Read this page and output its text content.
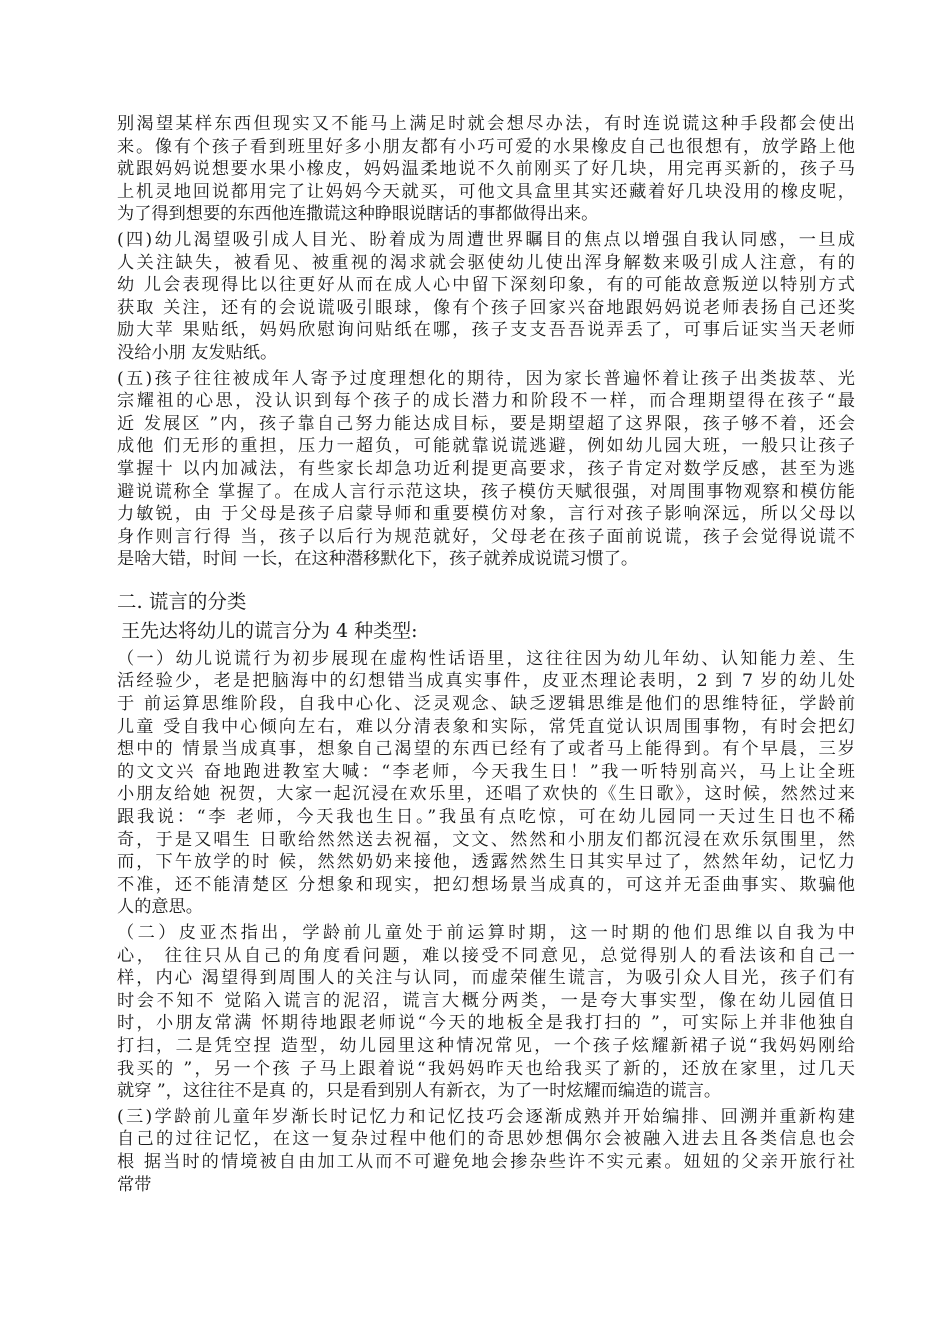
别渴望某样东西但现实又不能马上满足时就会想尽办法，有时连说谎这种手段都会使出
来。像有个孩子看到班里好多小朋友都有小巧可爱的水果橡皮自己也很想有，放学路上他
就跟妈妈说想要水果小橡皮，妈妈温柔地说不久前刚买了好几块，用完再买新的，孩子马
上机灵地回说都用完了让妈妈今天就买，可他文具盒里其实还藏着好几块没用的橡皮呢，
为了得到想要的东西他连撒谎这种睁眼说瞎话的事都做得出来。
(四)幼儿渴望吸引成人目光、盼着成为周遭世界瞩目的焦点以增强自我认同感，一旦成
人关注缺失，被看见、被重视的渴求就会驱使幼儿使出浑身解数来吸引成人注意，有的
幼 儿会表现得比以往更好从而在成人心中留下深刻印象，有的可能故意叛逆以特别方式
获取 关注，还有的会说谎吸引眼球，像有个孩子回家兴奋地跟妈妈说老师表扬自己还奖
励大苹 果贴纸，妈妈欣慰询问贴纸在哪，孩子支支吾吾说弄丢了，可事后证实当天老师
没给小朋 友发贴纸。
(五)孩子往往被成年人寄予过度理想化的期待，因为家长普遍怀着让孩子出类拔萃、光
宗耀祖的心思，没认识到每个孩子的成长潜力和阶段不一样，而合理期望得在孩子“最
近 发展区 ”内，孩子靠自己努力能达成目标，要是期望超了这界限，孩子够不着，还会
成他 们无形的重担，压力一超负，可能就靠说谎逃避，例如幼儿园大班，一般只让孩子
掌握十 以内加减法，有些家长却急功近利提更高要求，孩子肯定对数学反感，甚至为逃
避说谎称全 掌握了。在成人言行示范这块，孩子模仿天赋很强，对周围事物观察和模仿能
力敏锐，由 于父母是孩子启蒙导师和重要模仿对象，言行对孩子影响深远，所以父母以
身作则言行得 当，孩子以后行为规范就好，父母老在孩子面前说谎，孩子会觉得说谎不
是啥大错，时间 一长，在这种潜移默化下，孩子就养成说谎习惯了。
二. 谎言的分类
王先达将幼儿的谎言分为 4 种类型:
（一）幼儿说谎行为初步展现在虚构性话语里，这往往因为幼儿年幼、认知能力差、生
活经验少，老是把脑海中的幻想错当成真实事件，皮亚杰理论表明，2 到 7 岁的幼儿处
于 前运算思维阶段，自我中心化、泛灵观念、缺乏逻辑思维是他们的思维特征，学龄前
儿童 受自我中心倾向左右，难以分清表象和实际，常凭直觉认识周围事物，有时会把幻
想中的 情景当成真事，想象自己渴望的东西已经有了或者马上能得到。有个早晨，三岁
的文文兴 奋地跑进教室大喊：“李老师，今天我生日！”我一听特别高兴，马上让全班
小朋友给她 祝贺，大家一起沉浸在欢乐里，还唱了欢快的《生日歌》，这时候，然然过来
跟我说：“李 老师，今天我也生日。”我虽有点吃惊，可在幼儿园同一天过生日也不稀
奇，于是又唱生 日歌给然然送去祝福，文文、然然和小朋友们都沉浸在欢乐氛围里，然
而，下午放学的时 候，然然奶奶来接他，透露然然生日其实早过了，然然年幼，记忆力
不准，还不能清楚区 分想象和现实，把幻想场景当成真的，可这并无歪曲事实、欺骗他
人的意思。
（二）皮亚杰指出，学龄前儿童处于前运算时期，这一时期的他们思维以自我为中
心， 往往只从自己的角度看问题，难以接受不同意见，总觉得别人的看法该和自己一
样，内心 渴望得到周围人的关注与认同，而虚荣催生谎言，为吸引众人目光，孩子们有
时会不知不 觉陷入谎言的泥沼，谎言大概分两类，一是夸大事实型，像在幼儿园值日
时，小朋友常满 怀期待地跟老师说“今天的地板全是我打扫的 ”，可实际上并非他独自
打扫，二是凭空捏 造型，幼儿园里这种情况常见，一个孩子炫耀新裙子说“我妈妈刚给
我买的 ”，另一个孩 子马上跟着说“我妈妈昨天也给我买了新的，还放在家里，过几天
就穿 ”，这往往不是真 的，只是看到别人有新衣，为了一时炫耀而编造的谎言。
(三)学龄前儿童年岁渐长时记忆力和记忆技巧会逐渐成熟并开始编排、回溯并重新构建
自己的过往记忆，在这一复杂过程中他们的奇思妙想偶尔会被融入进去且各类信息也会
根 据当时的情境被自由加工从而不可避免地会掺杂些许不实元素。妞妞的父亲开旅行社
常带
